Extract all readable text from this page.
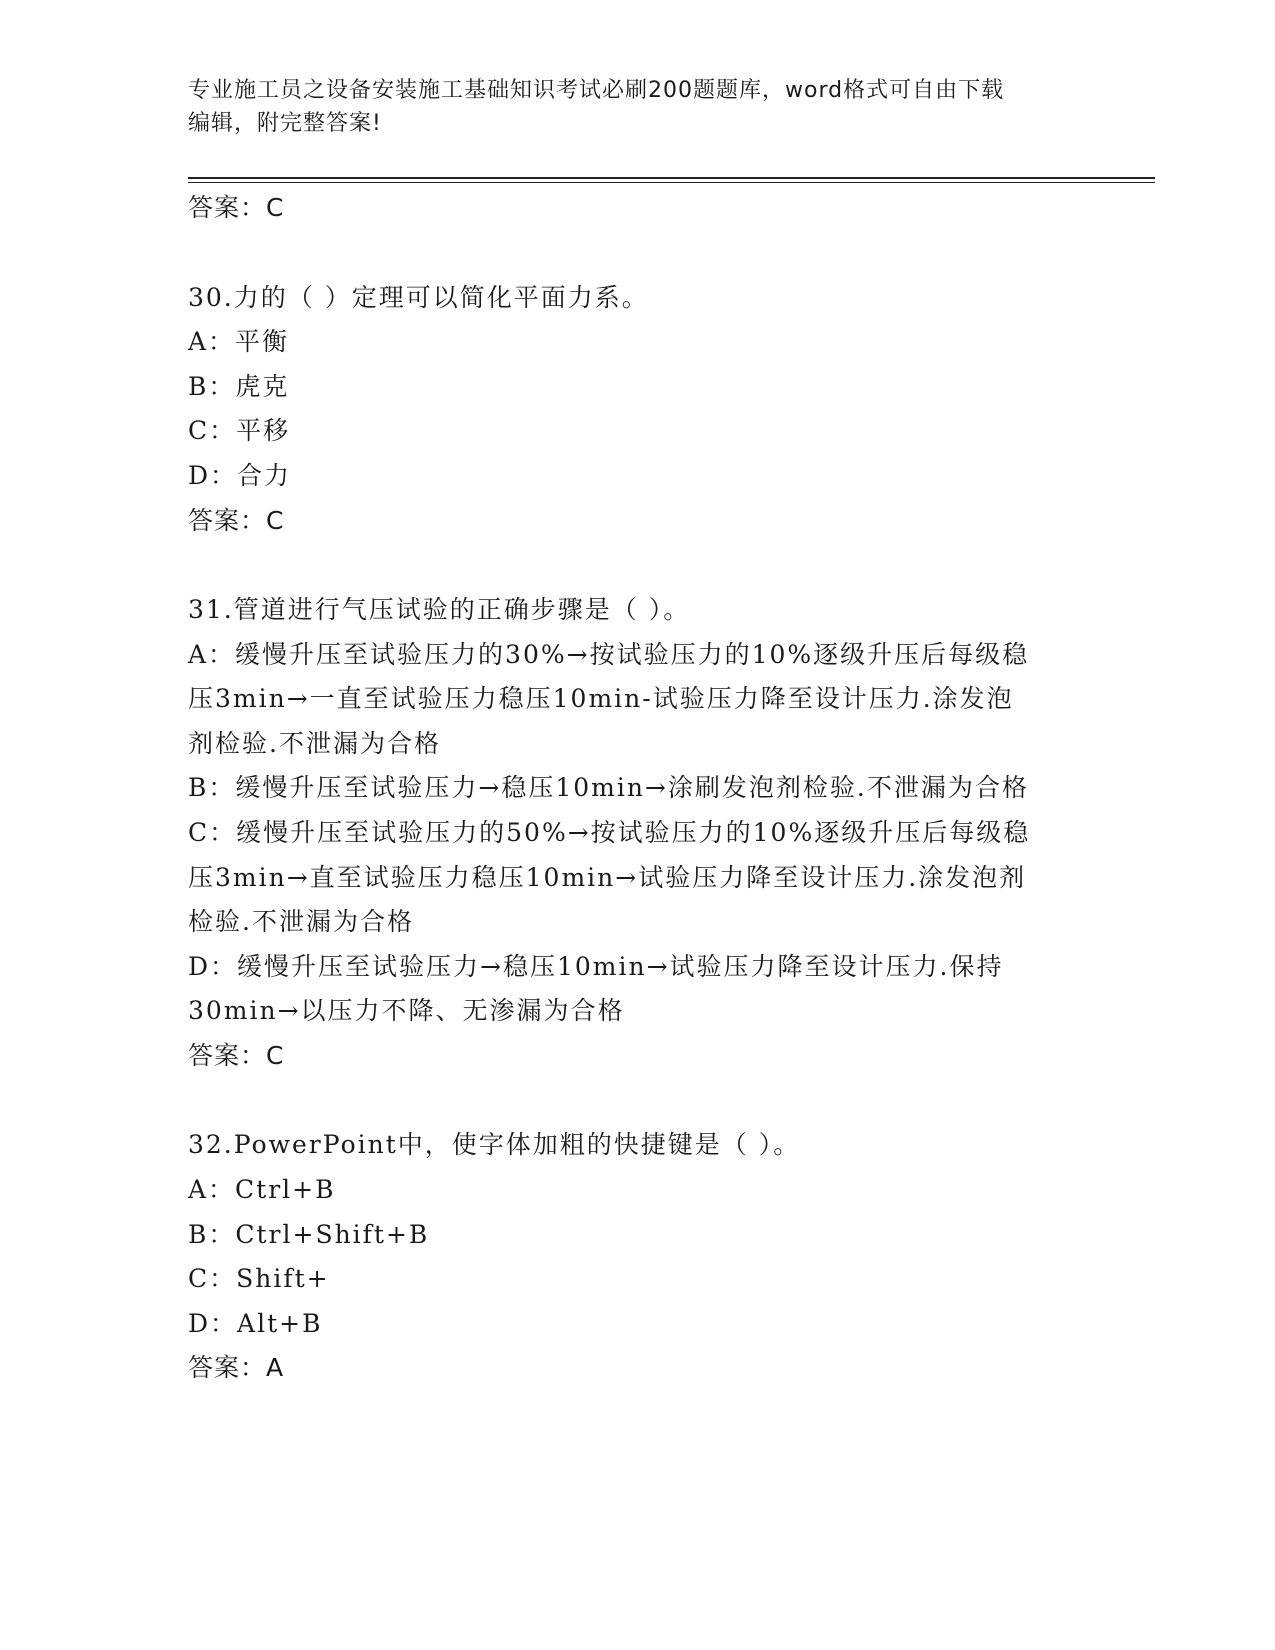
专业施工员之设备安装施工基础知识考试必刷200题题库，word格式可自由下载
编辑，附完整答案!
答案：C
30.力的（ ）定理可以简化平面力系。
A：平衡
B：虎克
C：平移
D：合力
答案：C
31.管道进行气压试验的正确步骤是（ ）。
A：缓慢升压至试验压力的30%→按试验压力的10%逐级升压后每级稳
压3min→一直至试验压力稳压10min-试验压力降至设计压力.涂发泡
剂检验.不泄漏为合格
B：缓慢升压至试验压力→稳压10min→涂刷发泡剂检验.不泄漏为合格
C：缓慢升压至试验压力的50%→按试验压力的10%逐级升压后每级稳
压3min→直至试验压力稳压10min→试验压力降至设计压力.涂发泡剂
检验.不泄漏为合格
D：缓慢升压至试验压力→稳压10min→试验压力降至设计压力.保持
30min→以压力不降、无渗漏为合格
答案：C
32.PowerPoint中，使字体加粗的快捷键是（ ）。
A：Ctrl+B
B：Ctrl+Shift+B
C：Shift+
D：Alt+B
答案：A
